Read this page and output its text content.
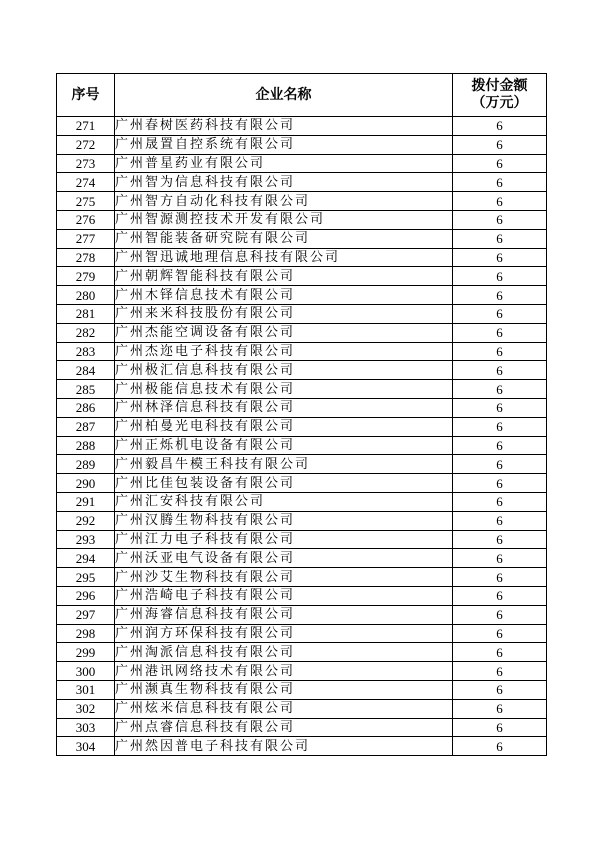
序号	企业名称	拨付金额
（万元）

271	广州春树医药科技有限公司	6
272	广州晟置自控系统有限公司	6
273	广州普星药业有限公司	6
274	广州智为信息科技有限公司	6
275	广州智方自动化科技有限公司	6
276	广州智源测控技术开发有限公司	6
277	广州智能装备研究院有限公司	6
278	广州智迅诚地理信息科技有限公司	6
279	广州朝辉智能科技有限公司	6
280	广州木铎信息技术有限公司	6
281	广州来米科技股份有限公司	6
282	广州杰能空调设备有限公司	6
283	广州杰迩电子科技有限公司	6
284	广州极汇信息科技有限公司	6
285	广州极能信息技术有限公司	6
286	广州林泽信息科技有限公司	6
287	广州柏曼光电科技有限公司	6
288	广州正烁机电设备有限公司	6
289	广州毅昌牛模王科技有限公司	6
290	广州比佳包装设备有限公司	6
291	广州汇安科技有限公司	6
292	广州汉腾生物科技有限公司	6
293	广州江力电子科技有限公司	6
294	广州沃亚电气设备有限公司	6
295	广州沙艾生物科技有限公司	6
296	广州浩崎电子科技有限公司	6
297	广州海睿信息科技有限公司	6
298	广州润方环保科技有限公司	6
299	广州淘派信息科技有限公司	6
300	广州港讯网络技术有限公司	6
301	广州濒真生物科技有限公司	6
302	广州炫米信息科技有限公司	6
303	广州点睿信息科技有限公司	6
304	广州然因普电子科技有限公司	6
